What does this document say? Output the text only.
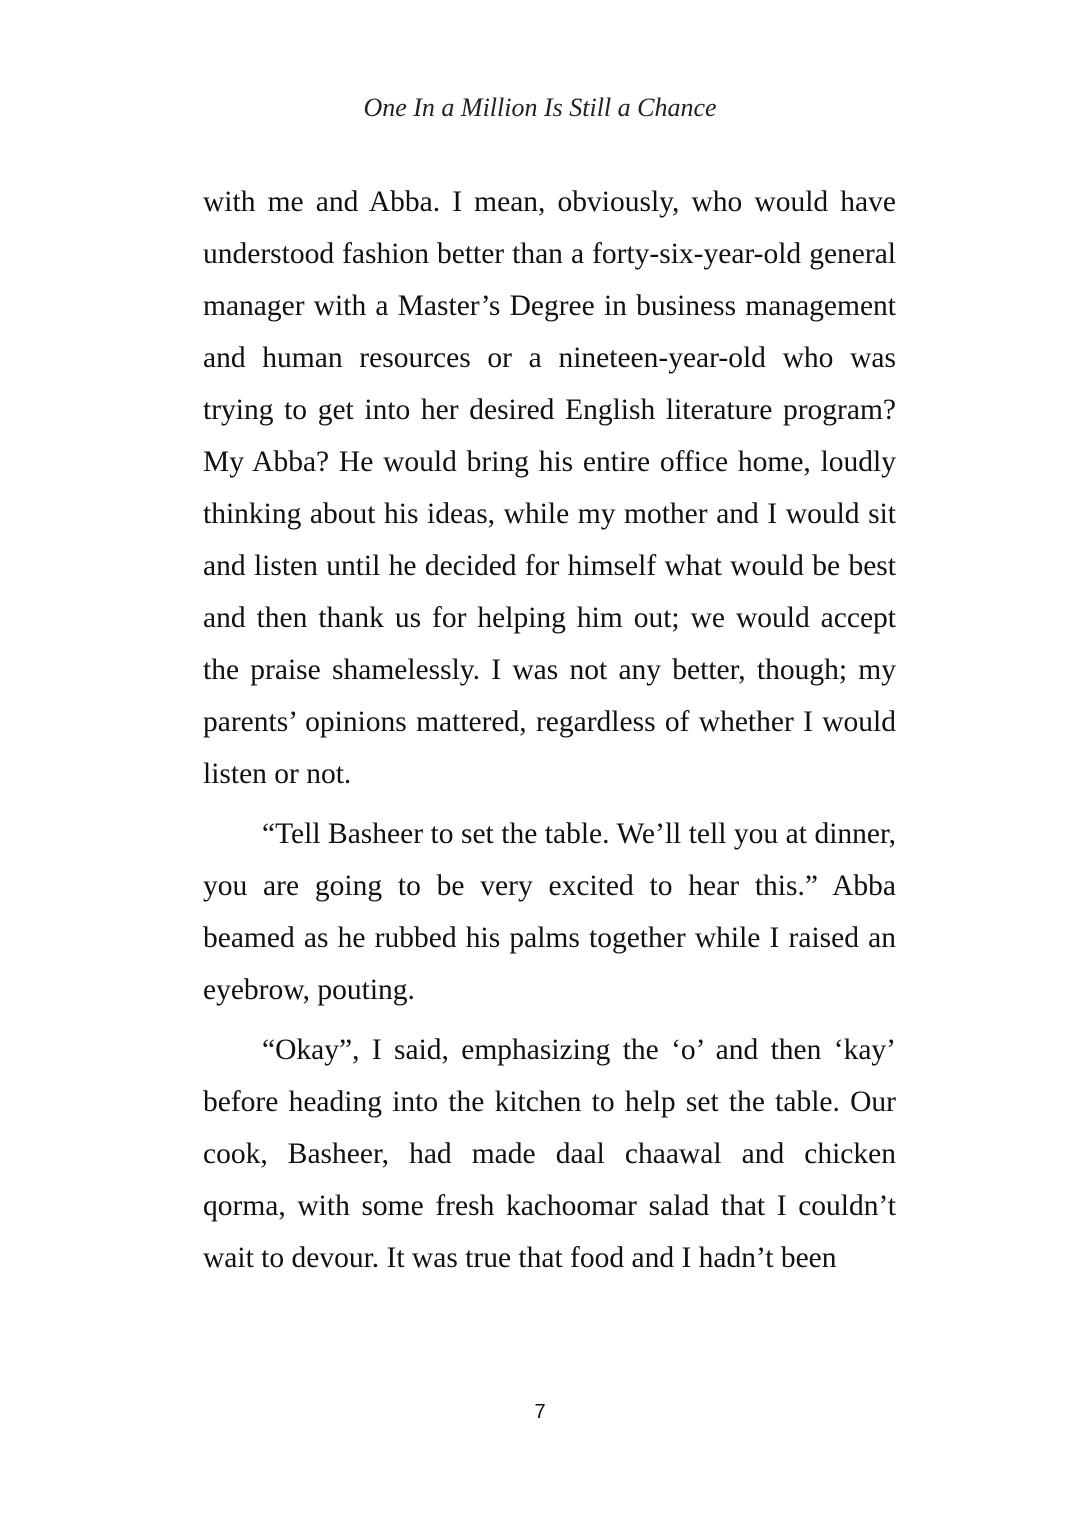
One In a Million Is Still a Chance

with me and Abba. I mean, obviously, who would have understood fashion better than a forty-six-year-old general manager with a Master’s Degree in business management and human resources or a nineteen-year-old who was trying to get into her desired English literature program? My Abba? He would bring his entire office home, loudly thinking about his ideas, while my mother and I would sit and listen until he decided for himself what would be best and then thank us for helping him out; we would accept the praise shamelessly. I was not any better, though; my parents’ opinions mattered, regardless of whether I would listen or not.

“Tell Basheer to set the table. We’ll tell you at dinner, you are going to be very excited to hear this.” Abba beamed as he rubbed his palms together while I raised an eyebrow, pouting.

“Okay”, I said, emphasizing the ‘o’ and then ‘kay’ before heading into the kitchen to help set the table. Our cook, Basheer, had made daal chaawal and chicken qorma, with some fresh kachoomar salad that I couldn’t wait to devour. It was true that food and I hadn’t been

7
